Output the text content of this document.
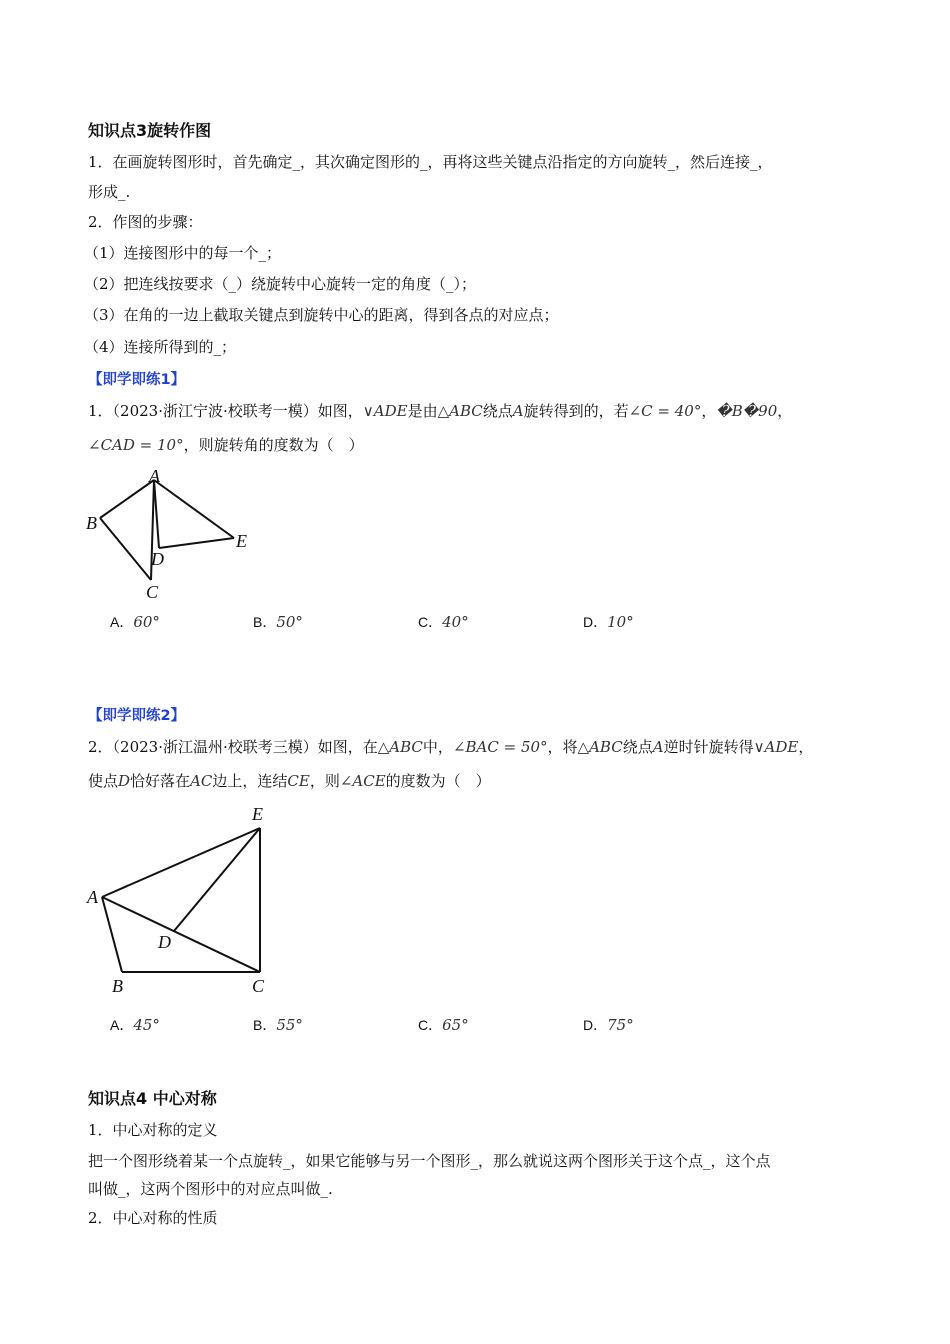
知识点3旋转作图
1．在画旋转图形时，首先确定_，其次确定图形的_，再将这些关键点沿指定的方向旋转_，然后连接_，
形成_.
2．作图的步骤：
（1）连接图形中的每一个_；
（2）把连线按要求（_）绕旋转中心旋转一定的角度（_）；
（3）在角的一边上截取关键点到旋转中心的距离，得到各点的对应点；
（4）连接所得到的_；
【即学即练1】
1．（2023·浙江宁波·校联考一模）如图，∨ADE是由△ABC绕点A旋转得到的，若∠C = 40°，�B�90，
∠CAD = 10°，则旋转角的度数为（　）
A
B
C
D
E
A．60°	B．50°	C．40°	D．10°
【即学即练2】
2．（2023·浙江温州·校联考三模）如图，在△ABC中，∠BAC = 50°，将△ABC绕点A逆时针旋转得∨ADE，
使点D恰好落在AC边上，连结CE，则∠ACE的度数为（　）
A
B	C
D
E
A．45°	B．55°	C．65°	D．75°
知识点4 中心对称
1．中心对称的定义
把一个图形绕着某一个点旋转_，如果它能够与另一个图形_，那么就说这两个图形关于这个点_，这个点
叫做_，这两个图形中的对应点叫做_.
2．中心对称的性质
